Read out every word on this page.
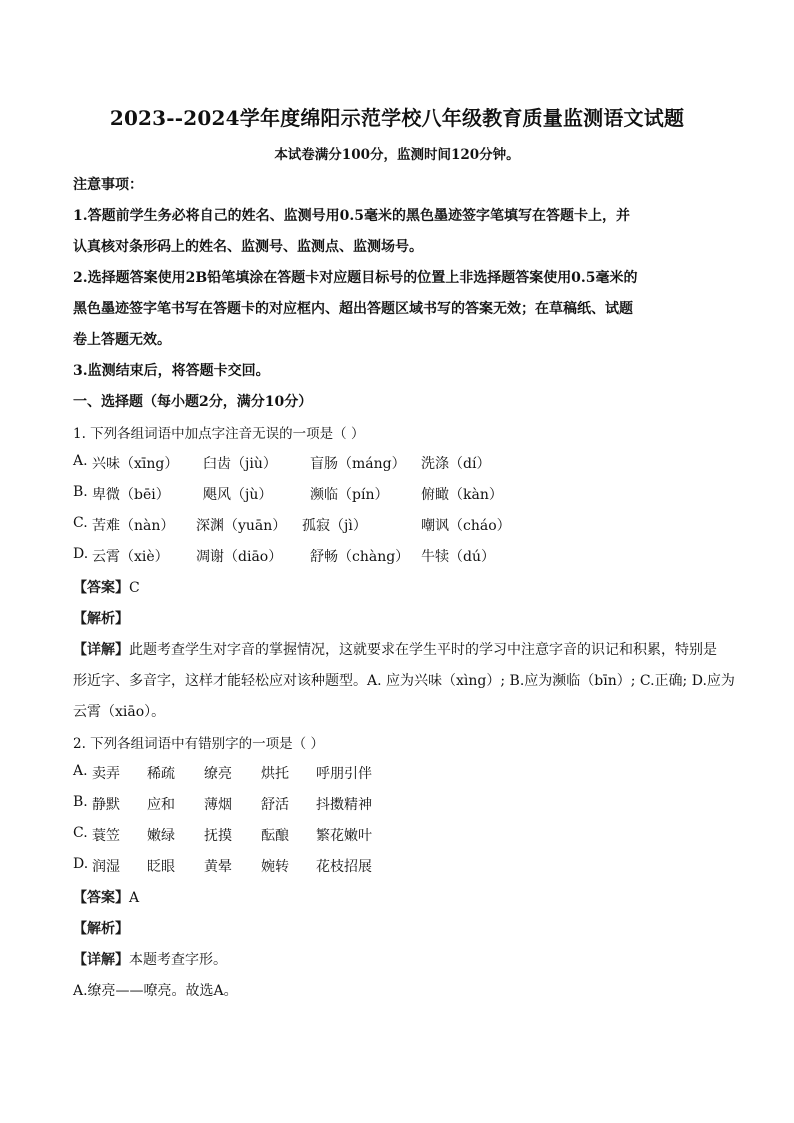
2023--2024学年度绵阳示范学校八年级教育质量监测语文试题
本试卷满分100分，监测时间120分钟。
注意事项：
1.答题前学生务必将自己的姓名、监测号用0.5毫米的黑色墨迹签字笔填写在答题卡上，并
认真核对条形码上的姓名、监测号、监测点、监测场号。
2.选择题答案使用2B铅笔填涂在答题卡对应题目标号的位置上非选择题答案使用0.5毫米的
黑色墨迹签字笔书写在答题卡的对应框内、超出答题区域书写的答案无效；在草稿纸、试题
卷上答题无效。
3.监测结束后，将答题卡交回。
一、选择题（每小题2分，满分10分）
1. 下列各组词语中加点字注音无误的一项是（ ）
A. 兴味（xīng） 臼齿（jiù） 盲肠（máng） 洗涤（dí）
B. 卑微（bēi） 飓风（jù）	濒临（pín） 俯瞰（kàn）
C. 苦难（nàn） 深渊（yuān） 孤寂（jì）	嘲讽（cháo）
D. 云霄（xiè） 凋谢（diāo） 舒畅（chàng） 牛犊（dú）
【答案】C
【解析】
【详解】此题考查学生对字音的掌握情况，这就要求在学生平时的学习中注意字音的识记和积累，特别是
形近字、多音字，这样才能轻松应对该种题型。A. 应为兴味（xìng）; B.应为濒临（bīn）; C.正确; D.应为
云霄（xiāo）。
2. 下列各组词语中有错别字的一项是（ ）
A. 卖弄 稀疏 缭亮 烘托 呼朋引伴
B. 静默 应和 薄烟 舒活 抖擞精神
C. 蓑笠 嫩绿 抚摸 酝酿 繁花嫩叶
D. 润湿 眨眼 黄晕 婉转 花枝招展
【答案】A
【解析】
【详解】本题考查字形。
A.缭亮——嘹亮。故选A。
